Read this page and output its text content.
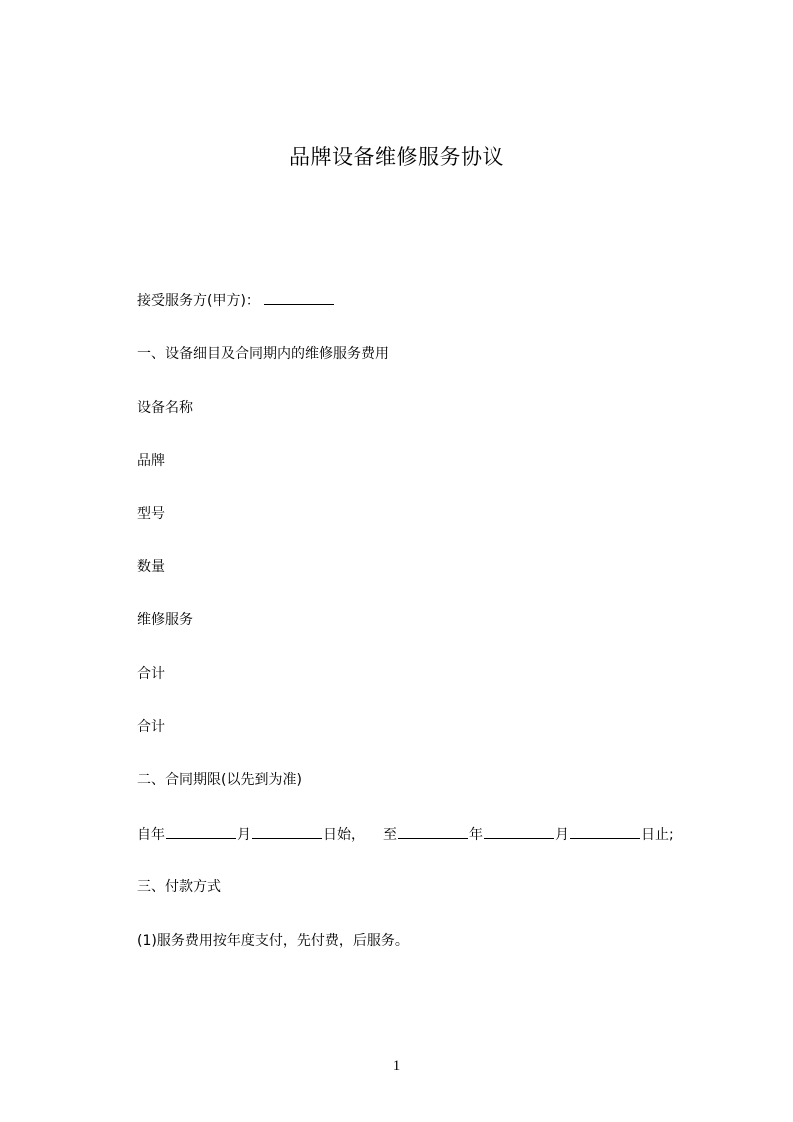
品牌设备维修服务协议
接受服务方(甲方)：
一、设备细目及合同期内的维修服务费用
设备名称
品牌
型号
数量
维修服务
合计
合计
二、合同期限(以先到为准)
自年	月	日始， 至	年	月	日止;
三、付款方式
(1)服务费用按年度支付，先付费，后服务。
1
